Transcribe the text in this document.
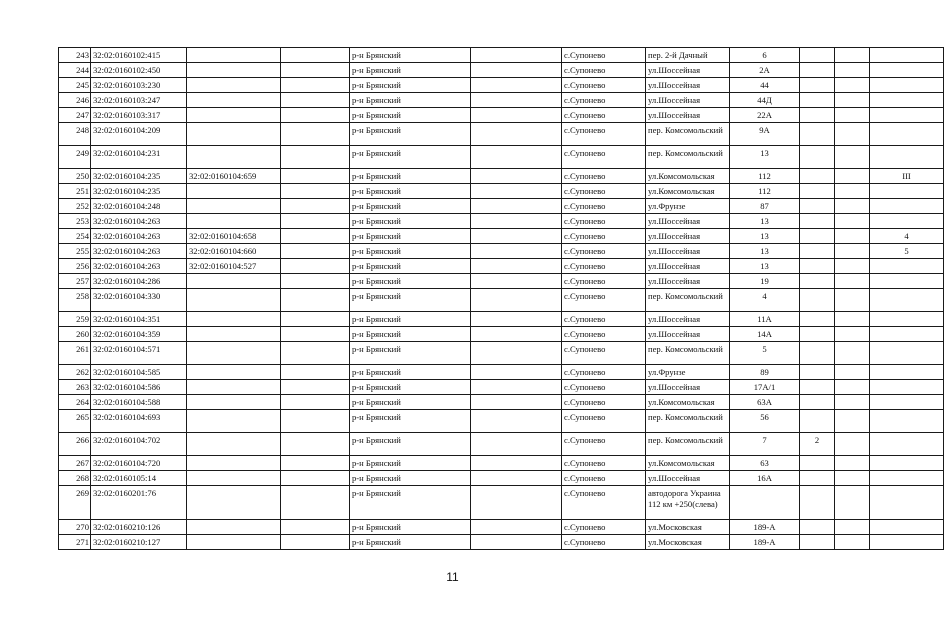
243	32:02:0160102:415			р-н Брянский		с.Супонево	пер. 2-й Дачный	6			
244	32:02:0160102:450			р-н Брянский		с.Супонево	ул.Шоссейная	2А			
245	32:02:0160103:230			р-н Брянский		с.Супонево	ул.Шоссейная	44			
246	32:02:0160103:247			р-н Брянский		с.Супонево	ул.Шоссейная	44Д			
247	32:02:0160103:317			р-н Брянский		с.Супонево	ул.Шоссейная	22А			
248	32:02:0160104:209			р-н Брянский		с.Супонево	пер. Комсомольский	9А			
249	32:02:0160104:231			р-н Брянский		с.Супонево	пер. Комсомольский	13			
250	32:02:0160104:235	32:02:0160104:659		р-н Брянский		с.Супонево	ул.Комсомольская	112			III
251	32:02:0160104:235			р-н Брянский		с.Супонево	ул.Комсомольская	112			
252	32:02:0160104:248			р-н Брянский		с.Супонево	ул.Фрунзе	87			
253	32:02:0160104:263			р-н Брянский		с.Супонево	ул.Шоссейная	13			
254	32:02:0160104:263	32:02:0160104:658		р-н Брянский		с.Супонево	ул.Шоссейная	13			4
255	32:02:0160104:263	32:02:0160104:660		р-н Брянский		с.Супонево	ул.Шоссейная	13			5
256	32:02:0160104:263	32:02:0160104:527		р-н Брянский		с.Супонево	ул.Шоссейная	13			
257	32:02:0160104:286			р-н Брянский		с.Супонево	ул.Шоссейная	19			
258	32:02:0160104:330			р-н Брянский		с.Супонево	пер. Комсомольский	4			
259	32:02:0160104:351			р-н Брянский		с.Супонево	ул.Шоссейная	11А			
260	32:02:0160104:359			р-н Брянский		с.Супонево	ул.Шоссейная	14А			
261	32:02:0160104:571			р-н Брянский		с.Супонево	пер. Комсомольский	5			
262	32:02:0160104:585			р-н Брянский		с.Супонево	ул.Фрунзе	89			
263	32:02:0160104:586			р-н Брянский		с.Супонево	ул.Шоссейная	17А/1			
264	32:02:0160104:588			р-н Брянский		с.Супонево	ул.Комсомольская	63А			
265	32:02:0160104:693			р-н Брянский		с.Супонево	пер. Комсомольский	56			
266	32:02:0160104:702			р-н Брянский		с.Супонево	пер. Комсомольский	7	2		
267	32:02:0160104:720			р-н Брянский		с.Супонево	ул.Комсомольская	63			
268	32:02:0160105:14			р-н Брянский		с.Супонево	ул.Шоссейная	16А			
269	32:02:0160201:76			р-н Брянский		с.Супонево	автодорога Украина 112 км +250(слева)				
270	32:02:0160210:126			р-н Брянский		с.Супонево	ул.Московская	189-А			
271	32:02:0160210:127			р-н Брянский		с.Супонево	ул.Московская	189-А			
11
